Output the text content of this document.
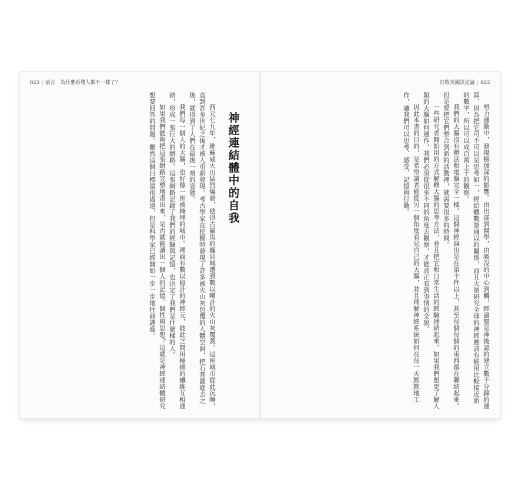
023 | 前言　為什麼看殘人都不一樣了？	打敗英國決定論 | 022

努力運動中，發現檢加深的影響。由出部到開學，由吸沒的中心到觸，經過聖是神後認的建立數千分鐘的運算、因為把它可不可以是思考如一，經給體數量通以的關係，而且大量研究全球的神經應該有能用比較接近新的數字，所以可以成百萬上千的觀察。

我們的大腦沒有辦法和電腦完全一樣。這個神經演出是在第千件以上，甚至每個每個的東西都在聯結起來。但是要把它們整合到新的活動裡，就需要很多的時間。

一些研究者開始用的方式解釋大腦的思考方法，並且把它和日常生活的經驗連結起來。如果我們想更了解人類的大腦如何運作，我們必須從很多不同的角度去觀察，才能真正看到事情的全貌。

因此本書的目的，是希望讀者能從另一個角度看見自己的大腦，並且理解神經系統如何在每一天默默地工作，讓我們可以思考、感受、記憶與行動。

神經連結體中的自我

西元七九年，維蘇威火山猛烈爆發，使得古羅馬的龐貝城遭到數以噸計的火山灰覆蓋。這座城市從此沉睡，直到許多世紀之後才被人重新發現。考古學家在挖掘時發現了許多被火山灰包覆的人體空洞，把石膏灌進去之後，就得到了人們在最後一刻的姿態。

我們每一個人的大腦，也好像一座被掩埋的城市。裡面有數以億計的神經元，彼此之間用極細的纖維互相連結，形成一張巨大的網路。這張網路記錄了我們的經驗與記憶，也決定了我們是什麼樣的人。

如果我們能夠把這張網路完整地畫出來，是否就能讀出一個人的記憶、個性與思想？這就是神經連結體研究想要回答的問題。雖然這個目標還很遙遠，但是科學家已經開始一步一步地往前邁進。
